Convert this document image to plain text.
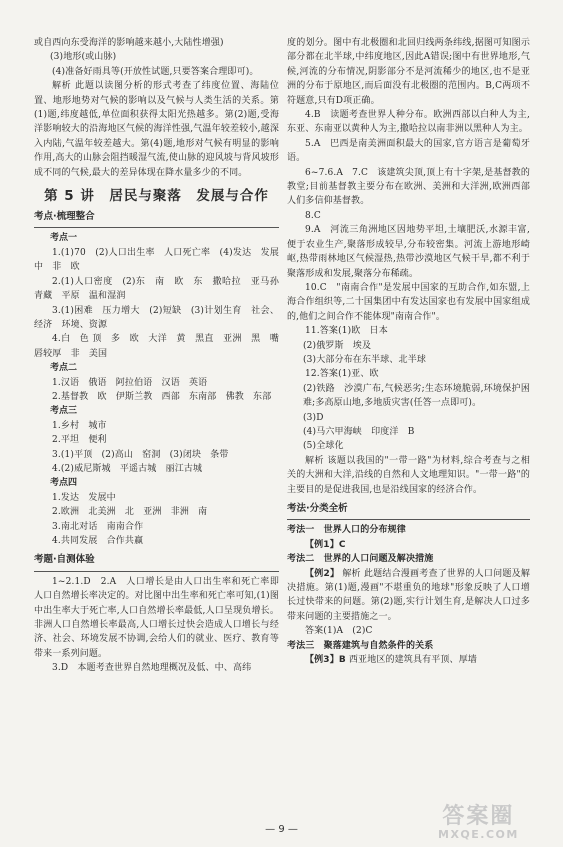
或自西向东受海洋的影响越来越小,大陆性增强)
(3)地形(或山脉)
(4)准备好雨具等(开放性试题,只要答案合理即可)。
解析 此题以读图分析的形式考查了纬度位置、海陆位置、地形地势对气候的影响以及气候与人类生活的关系。第(1)题,纬度越低,单位面积获得太阳光热越多。第(2)题,受海洋影响较大的沿海地区气候的海洋性强,气温年较差较小,越深入内陆,气温年较差越大。第(4)题,地形对气候有明显的影响作用,高大的山脉会阻挡暖湿气流,使山脉的迎风坡与背风坡形成不同的气候,最大的差异体现在降水量多少的不同。
第 5 讲　居民与聚落　发展与合作
考点·梳理整合
考点一
1.(1)70　(2)人口出生率　人口死亡率　(4)发达　发展中　非　欧
2.(1)人口密度　(2)东　南　欧　东　撒哈拉　亚马孙　青藏　平原　温和湿润
3.(1)困难　压力增大　(2)短缺　(3)计划生育　社会、经济　环境、资源
4.白　色 顶　多　欧　大洋　黄　黑直　亚洲　黑　嘴唇较厚　非　美国
考点二
1.汉语　俄语　阿拉伯语　汉语　英语
2.基督教　欧　伊斯兰教　西部　东南部　佛教　东部
考点三
1.乡村　城市
2.平坦　便利
3.(1)平顶　(2)高山　窑洞　(3)闭块　条带
4.(2)威尼斯城　平遥古城　丽江古城
考点四
1.发达　发展中
2.欧洲　北美洲　北　亚洲　非洲　南
3.南北对话　南南合作
4.共同发展　合作共赢
考题·自测体验
1~2.1.D　2.A　人口增长是由人口出生率和死亡率即人口自然增长率决定的。对比图中出生率和死亡率可知,(1)图中出生率大于死亡率,人口自然增长率最低,人口呈现负增长。非洲人口自然增长率最高,人口增长过快会造成人口增长与经济、社会、环境发展不协调,会给人们的就业、医疗、教育等带来一系列问题。
3.D　本题考查世界自然地理概况及低、中、高纬
度的划分。图中有北极圈和北回归线两条纬线,据图可知图示部分都在北半球,中纬度地区,因此A错误;图中有世界地形,气候,河流的分布情况,阴影部分不是河流稀少的地区,也不是亚洲的分布于原地区,而后面没有北极圈的范围内。B,C两项不符题意,只有D项正确。
4.B　读题考查世界人种分布。欧洲西部以白种人为主,东亚、东南亚以黄种人为主,撒哈拉以南非洲以黑种人为主。
5.A　巴西是南美洲面积最大的国家,官方语言是葡萄牙语。
6~7.6.A　7.C　该建筑尖顶,顶上有十字架,是基督教的教堂;目前基督教主要分布在欧洲、美洲和大洋洲,欧洲西部人们多信仰基督教。
8.C
9.A　河流三角洲地区因地势平坦,土壤肥沃,水源丰富,便于农业生产,聚落形成较早,分布较密集。河流上游地形崎岖,热带雨林地区气候湿热,热带沙漠地区气候干旱,都不利于聚落形成和发展,聚落分布稀疏。
10.C　"南南合作"是发展中国家的互助合作,如东盟,上海合作组织等,二十国集团中有发达国家也有发展中国家组成的,他们之间合作不能体现"南南合作"。
11.答案(1)欧　日本
(2)俄罗斯　埃及
(3)大部分布在东半球、北半球
12.答案(1)亚、欧
(2)铁路　沙漠广布,气候恶劣;生态环境脆弱,环境保护困难;多高原山地,多地质灾害(任答一点即可)。
(3)D
(4)马六甲海峡　印度洋　B
(5)全球化
解析 该题以我国的"一带一路"为材料,综合考查与之相关的大洲和大洋,沿线的自然和人文地理知识。"一带一路"的主要目的是促进我国,也是沿线国家的经济合作。
考法·分类全析
考法一　 世界人口的分布规律
【例1】C
考法二　 世界的人口问题及解决措施
【例2】 解析 此题结合漫画考查了世界的人口问题及解决措施。第(1)题,漫画"不堪重负的地球"形象反映了人口增长过快带来的问题。第(2)题,实行计划生育,是解决人口过多带来问题的主要措施之一。
答案(1)A　(2)C
考法三　 聚落建筑与自然条件的关系
【例3】B 西亚地区的建筑具有平顶、厚墙
— 9 —
答案圈
MXQE.COM
